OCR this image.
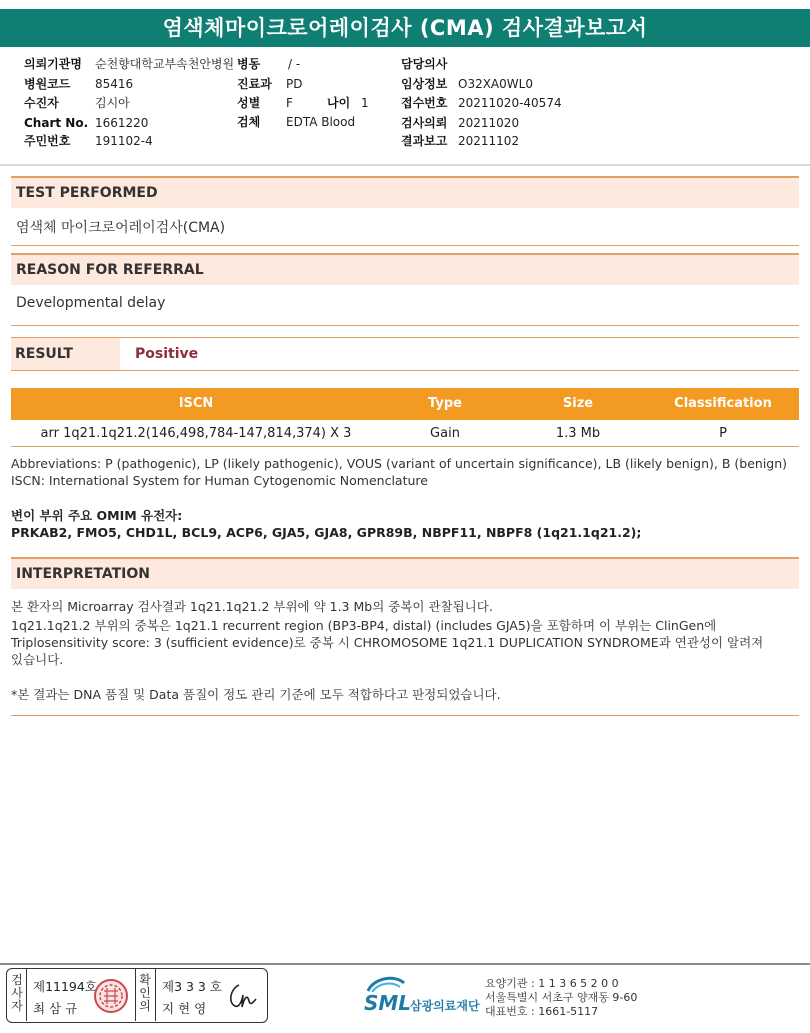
염색체마이크로어레이검사 (CMA) 검사결과보고서
의뢰기관명 순천향대학교부속천안병원 병동 / -	담당의사
병원코드 85416	진료과 PD	임상정보 O32XA0WL0
수진자	김시아	성별 F	나이 1	접수번호 20211020-40574
Chart No. 1661220	검체 EDTA Blood	검사의뢰 20211020
주민번호 191102-4	결과보고 20211102
TEST PERFORMED
염색체 마이크로어레이검사(CMA)
REASON FOR REFERRAL
Developmental delay
RESULT	Positive
ISCN	Type	Size	Classification
arr 1q21.1q21.2(146,498,784-147,814,374) X 3	Gain	1.3 Mb	P
Abbreviations: P (pathogenic), LP (likely pathogenic), VOUS (variant of uncertain significance), LB (likely benign), B (benign)
ISCN: International System for Human Cytogenomic Nomenclature
변이 부위 주요 OMIM 유전자:
PRKAB2, FMO5, CHD1L, BCL9, ACP6, GJA5, GJA8, GPR89B, NBPF11, NBPF8 (1q21.1q21.2);
INTERPRETATION
본 환자의 Microarray 검사결과 1q21.1q21.2 부위에 약 1.3 Mb의 중복이 관찰됩니다.
1q21.1q21.2 부위의 중복은 1q21.1 recurrent region (BP3-BP4, distal) (includes GJA5)을 포함하며 이 부위는 ClinGen에
Triplosensitivity score: 3 (sufficient evidence)로 중복 시 CHROMOSOME 1q21.1 DUPLICATION SYNDROME과 연관성이 알려져
있습니다.
*본 결과는 DNA 품질 및 Data 품질이 정도 관리 기준에 모두 적합하다고 판정되었습니다.
검
사
자
제11194호
최 삼 규
확
인
의
제3 3 3 호
지 현 영	SML
삼광의료재단
요양기관 : 1 1 3 6 5 2 0 0
서울특별시 서초구 양재동 9-60
대표번호 : 1661-5117
